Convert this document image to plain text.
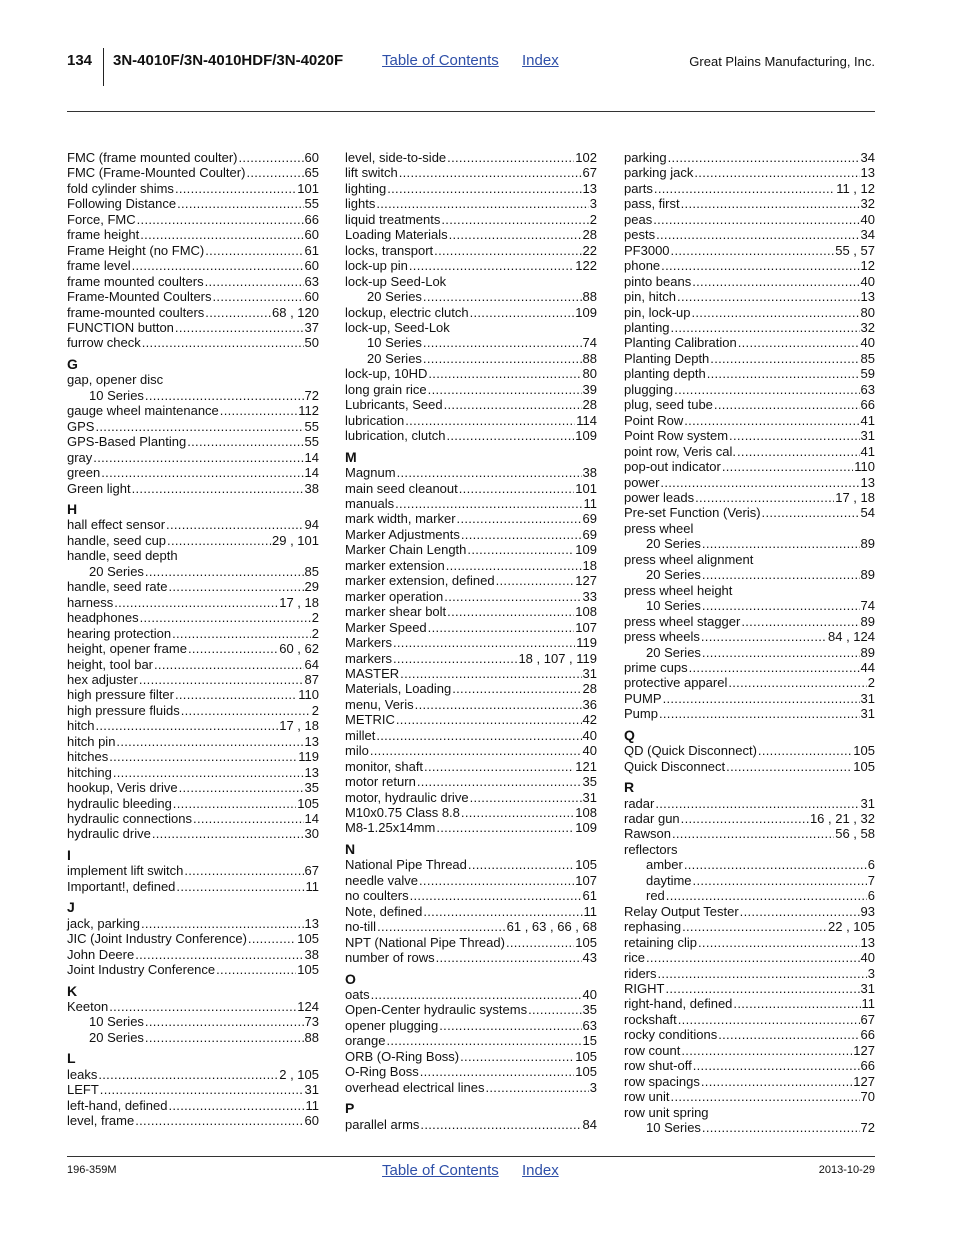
134 3N-4010F/3N-4010HDF/3N-4020F	Table of Contents Index	Great Plains Manufacturing, Inc.
FMC (frame mounted coulter) .....	60
FMC (Frame-Mounted Coulter) .....	65
fold cylinder shims .....	101
Following Distance .....	55
Force, FMC .....	66
frame height .....	60
Frame Height (no FMC) .....	61
frame level .....	60
frame mounted coulters .....	63
Frame-Mounted Coulters .....	60
frame-mounted coulters .....	68 , 120
FUNCTION button .....	37
furrow check .....	50
G
gap, opener disc
10 Series .....	72
gauge wheel maintenance .....	112
GPS .....	55
GPS-Based Planting .....	55
gray .....	14
green .....	14
Green light .....	38
H
hall effect sensor .....	94
handle, seed cup .....	29 , 101
handle, seed depth
20 Series .....	85
handle, seed rate .....	29
harness .....	17 , 18
headphones .....	2
hearing protection .....	2
height, opener frame .....	60 , 62
height, tool bar .....	64
hex adjuster .....	87
high pressure filter .....	110
high pressure fluids .....	2
hitch .....	17 , 18
hitch pin .....	13
hitches .....	119
hitching .....	13
hookup, Veris drive .....	35
hydraulic bleeding .....	105
hydraulic connections .....	14
hydraulic drive .....	30
I
implement lift switch .....	67
Important!, defined .....	11
J
jack, parking .....	13
JIC (Joint Industry Conference) .....	105
John Deere .....	38
Joint Industry Conference .....	105
K
Keeton .....	124
10 Series .....	73
20 Series .....	88
L
leaks .....	2 , 105
LEFT .....	31
left-hand, defined .....	11
level, frame .....	60
level, side-to-side .....	102
lift switch .....	67
lighting .....	13
lights .....	3
liquid treatments .....	2
Loading Materials .....	28
locks, transport .....	22
lock-up pin .....	122
lock-up Seed-Lok
20 Series .....	88
lockup, electric clutch .....	109
lock-up, Seed-Lok
10 Series .....	74
20 Series .....	88
lock-up, 10HD .....	80
long grain rice .....	39
Lubricants, Seed .....	28
lubrication .....	114
lubrication, clutch .....	109
M
Magnum .....	38
main seed cleanout .....	101
manuals .....	11
mark width, marker .....	69
Marker Adjustments .....	69
Marker Chain Length .....	109
marker extension .....	18
marker extension, defined .....	127
marker operation .....	33
marker shear bolt .....	108
Marker Speed .....	107
Markers .....	119
markers .....	18 , 107 , 119
MASTER .....	31
Materials, Loading .....	28
menu, Veris .....	36
METRIC .....	42
millet .....	40
milo .....	40
monitor, shaft .....	121
motor return .....	35
motor, hydraulic drive .....	31
M10x0.75 Class 8.8 .....	108
M8-1.25x14mm .....	109
N
National Pipe Thread .....	105
needle valve .....	107
no coulters .....	61
Note, defined .....	11
no-till .....	61 , 63 , 66 , 68
NPT (National Pipe Thread) .....	105
number of rows .....	43
O
oats .....	40
Open-Center hydraulic systems .....	35
opener plugging .....	63
orange .....	15
ORB (O-Ring Boss) .....	105
O-Ring Boss .....	105
overhead electrical lines .....	3
P
parallel arms .....	84
parking .....	34
parking jack .....	13
parts .....	11 , 12
pass, first .....	32
peas .....	40
pests .....	34
PF3000 .....	55 , 57
phone .....	12
pinto beans .....	40
pin, hitch .....	13
pin, lock-up .....	80
planting .....	32
Planting Calibration .....	40
Planting Depth .....	85
planting depth .....	59
plugging .....	63
plug, seed tube .....	66
Point Row .....	41
Point Row system .....	31
point row, Veris cal. .....	41
pop-out indicator .....	110
power .....	13
power leads .....	17 , 18
Pre-set Function (Veris) .....	54
press wheel
20 Series .....	89
press wheel alignment
20 Series .....	89
press wheel height
10 Series .....	74
press wheel stagger .....	89
press wheels .....	84 , 124
20 Series .....	89
prime cups .....	44
protective apparel .....	2
PUMP .....	31
Pump .....	31
Q
QD (Quick Disconnect) .....	105
Quick Disconnect .....	105
R
radar .....	31
radar gun .....	16 , 21 , 32
Rawson .....	56 , 58
reflectors
amber .....	6
daytime .....	7
red .....	6
Relay Output Tester .....	93
rephasing .....	22 , 105
retaining clip .....	13
rice .....	40
riders .....	3
RIGHT .....	31
right-hand, defined .....	11
rockshaft .....	67
rocky conditions .....	66
row count .....	127
row shut-off .....	66
row spacings .....	127
row unit .....	70
row unit spring
10 Series .....	72
196-359M	Table of Contents Index	2013-10-29
